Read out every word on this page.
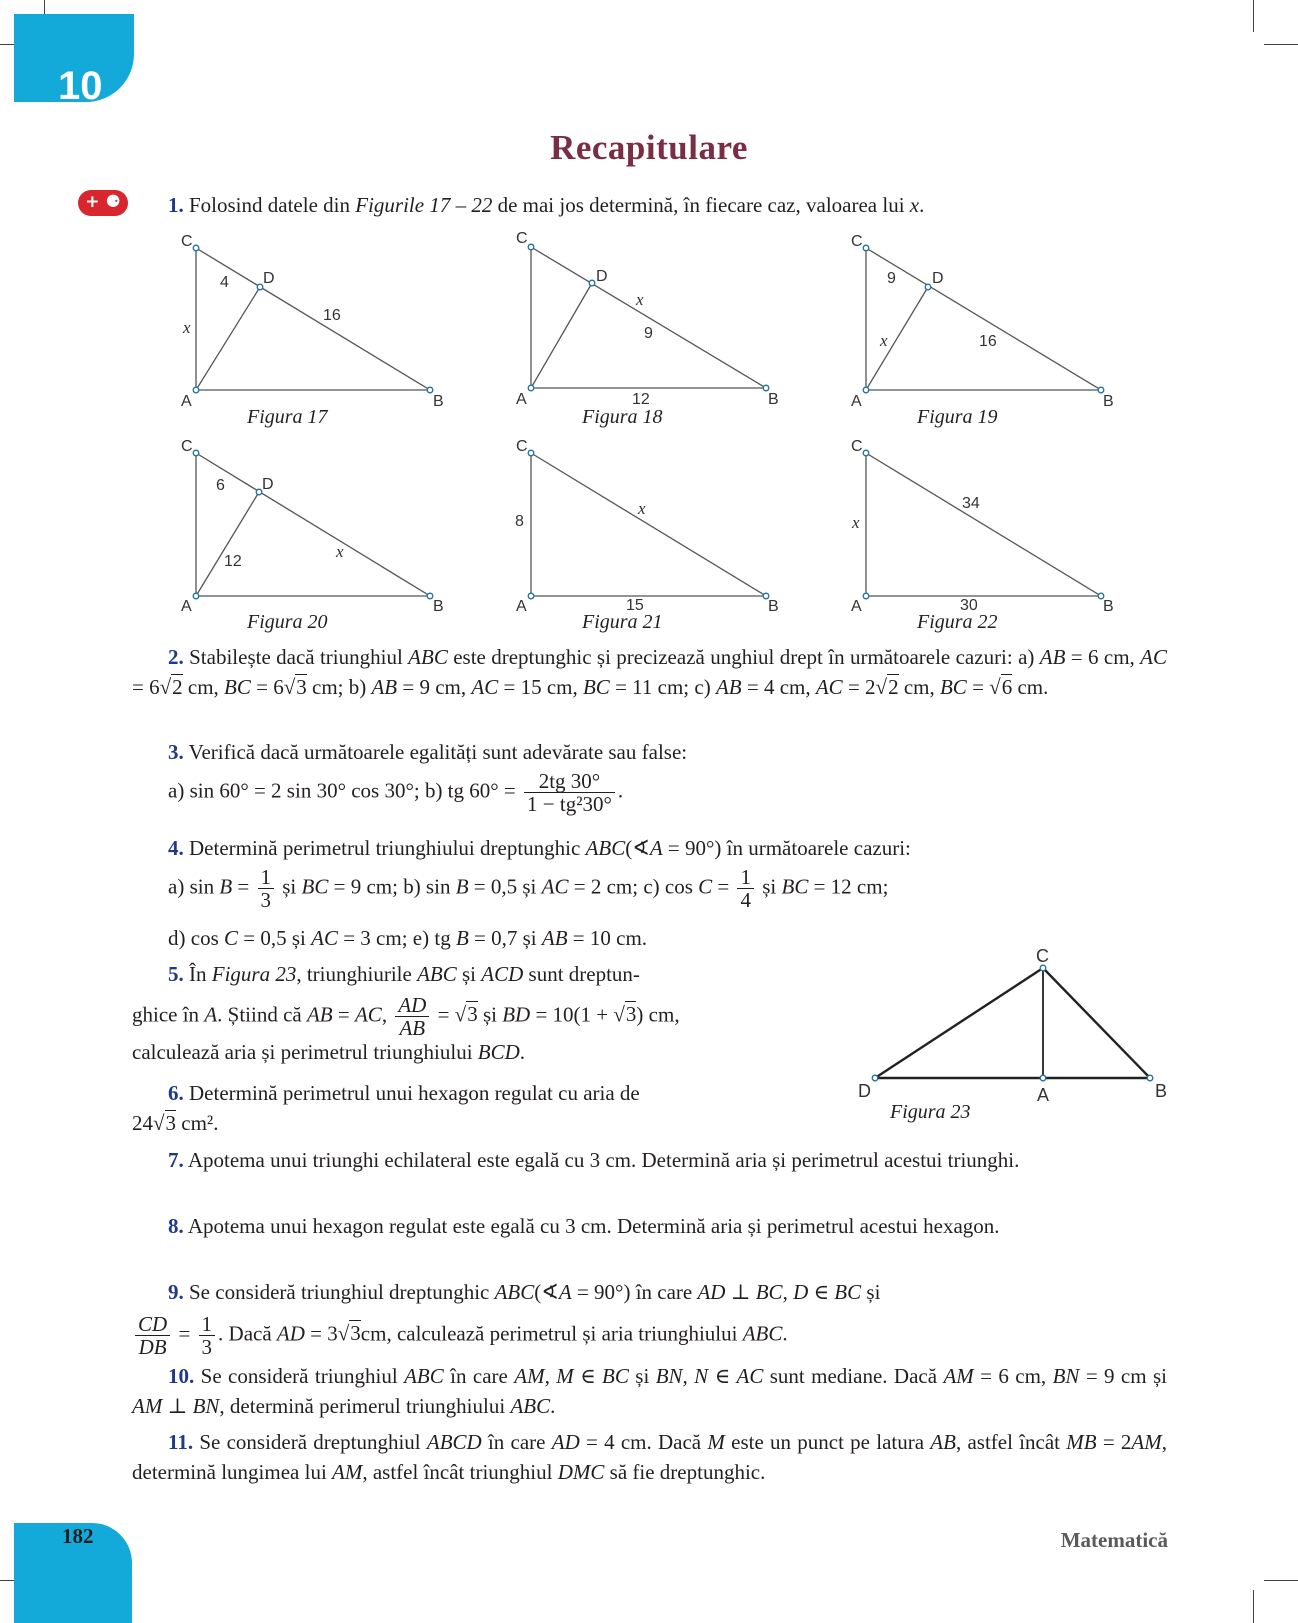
10
Recapitulare
+ ⚈	1. Folosind datele din Figurile 17 – 22 de mai jos determină, în fiecare caz, valoarea lui x.
C
A	B
D
4
16
x
C
A	B
D
x
9
12
C
A	B
D
9
x	16
C
A	B
D
6
12
x
C
A	B
8
x
15
C
A	B
x
34
30
Figura 17	Figura 18	Figura 19
Figura 20	Figura 21	Figura 22
2. Stabilește dacă triunghiul ABC este dreptunghic și precizează unghiul drept în următoarele cazuri: a) AB = 6 cm, AC = 6√2 cm, BC = 6√3 cm; b) AB = 9 cm, AC = 15 cm, BC = 11 cm; c) AB = 4 cm, AC = 2√2 cm, BC = √6 cm.
3. Verifică dacă următoarele egalități sunt adevărate sau false:
a) sin 60° = 2 sin 30° cos 30°; b) tg $60^\circ = \frac{2tg 30^\circ}{\text{1 − tg²30°}}$ .
4. Determină perimetrul triunghiului dreptunghic ABC(∢A = 90°) în următoarele cazuri:
a) $\sin B = \frac{1}{3}$ și BC = 9 cm; b) sin B = 0,5 și AC = 2 cm; c) $\cos C = \frac{1}{4}$ și BC = 12 cm;
d) cos C = 0,5 și AC = 3 cm; e) tg B = 0,7 și AB = 10 cm.
5. În Figura 23, triunghiurile ABC și ACD sunt dreptun-
ghice în A. Știind că AB = AC, $\frac{AD}{AB} = √3$ și BD = 10(1 + √3) cm,
calculează aria și perimetrul triunghiului BCD.
C
D	A	B
Figura 23
6. Determină perimetrul unui hexagon regulat cu aria de
24√3 cm².
7. Apotema unui triunghi echilateral este egală cu 3 cm. Determină aria și perimetrul acestui triunghi.
8. Apotema unui hexagon regulat este egală cu 3 cm. Determină aria și perimetrul acestui hexagon.
9. Se consideră triunghiul dreptunghic ABC(∢A = 90°) în care AD ⊥ BC, D ∈ BC și
$\frac{CD}{DB} = \frac{1}{3}$ . Dacă AD = 3√3cm, calculează perimetrul și aria triunghiului ABC.
10. Se consideră triunghiul ABC în care AM, M ∈ BC și BN, N ∈ AC sunt mediane. Dacă AM = 6 cm, BN = 9 cm și AM ⊥ BN, determină perimerul triunghiului ABC.
11. Se consideră dreptunghiul ABCD în care AD = 4 cm. Dacă M este un punct pe latura AB, astfel încât MB = 2AM, determină lungimea lui AM, astfel încât triunghiul DMC să fie dreptunghic.
182	Matematică
